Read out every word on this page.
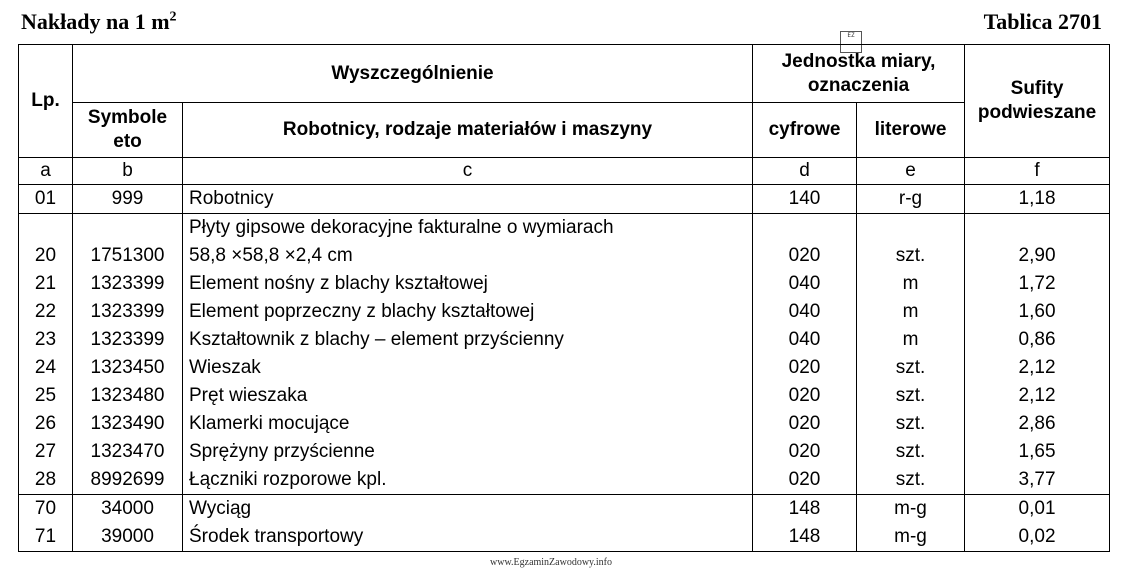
Nakłady na 1 $m^2$	Tablica 2701
EZ
Lp.	Wyszczególnienie		Jednostka miary, oznaczenia		Sufity podwieszane
	Symbole eto	Robotnicy, rodzaje materiałów i maszyny	cyfrowe	literowe	
a	b	c	d	e	f
01	999	Robotnicy	140	r-g	1,18
20	1751300	Płyty gipsowe dekoracyjne fakturalne o wymiarach
58,8 ×58,8 ×2,4 cm	020	szt.	2,90
21	1323399	Element nośny z blachy kształtowej	040	m	1,72
22	1323399	Element poprzeczny z blachy kształtowej	040	m	1,60
23	1323399	Kształtownik z blachy – element przyścienny	040	m	0,86
24	1323450	Wieszak	020	szt.	2,12
25	1323480	Pręt wieszaka	020	szt.	2,12
26	1323490	Klamerki mocujące	020	szt.	2,86
27	1323470	Sprężyny przyścienne	020	szt.	1,65
28	8992699	Łączniki rozporowe kpl.	020	szt.	3,77
70	34000	Wyciąg	148	m-g	0,01
71	39000	Środek transportowy	148	m-g	0,02
www.EgzaminZawodowy.info
